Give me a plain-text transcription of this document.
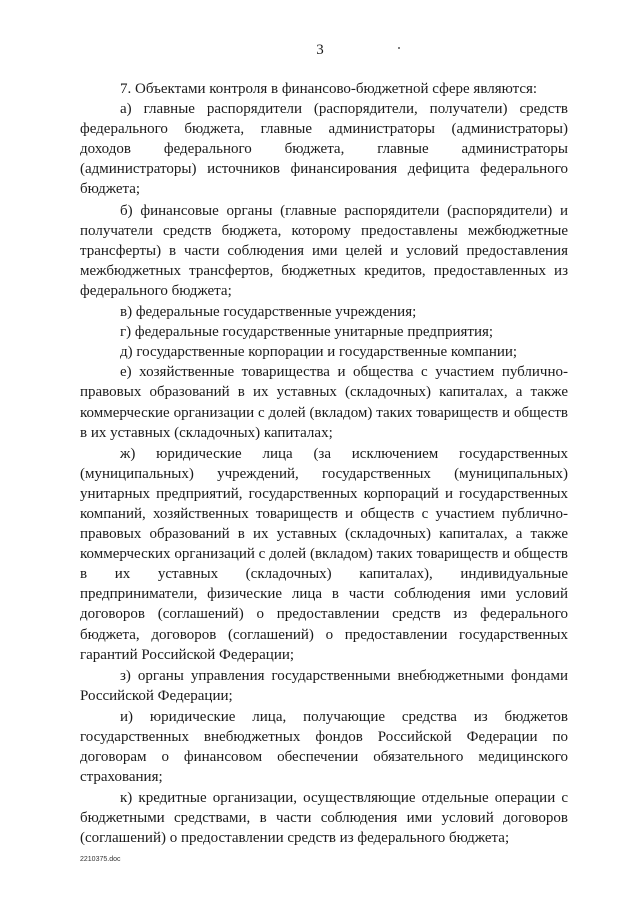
3

7. Объектами контроля в финансово-бюджетной сфере являются:

а) главные распорядители (распорядители, получатели) средств федерального бюджета, главные администраторы (администраторы) доходов федерального бюджета, главные администраторы (администраторы) источников финансирования дефицита федерального бюджета;

б) финансовые органы (главные распорядители (распорядители) и получатели средств бюджета, которому предоставлены межбюджетные трансферты) в части соблюдения ими целей и условий предоставления межбюджетных трансфертов, бюджетных кредитов, предоставленных из федерального бюджета;

в) федеральные государственные учреждения;

г) федеральные государственные унитарные предприятия;

д) государственные корпорации и государственные компании;

е) хозяйственные товарищества и общества с участием публично-правовых образований в их уставных (складочных) капиталах, а также коммерческие организации с долей (вкладом) таких товариществ и обществ в их уставных (складочных) капиталах;

ж) юридические лица (за исключением государственных (муниципальных) учреждений, государственных (муниципальных) унитарных предприятий, государственных корпораций и государственных компаний, хозяйственных товариществ и обществ с участием публично-правовых образований в их уставных (складочных) капиталах, а также коммерческих организаций с долей (вкладом) таких товариществ и обществ в их уставных (складочных) капиталах), индивидуальные предприниматели, физические лица в части соблюдения ими условий договоров (соглашений) о предоставлении средств из федерального бюджета, договоров (соглашений) о предоставлении государственных гарантий Российской Федерации;

з) органы управления государственными внебюджетными фондами Российской Федерации;

и) юридические лица, получающие средства из бюджетов государственных внебюджетных фондов Российской Федерации по договорам о финансовом обеспечении обязательного медицинского страхования;

к) кредитные организации, осуществляющие отдельные операции с бюджетными средствами, в части соблюдения ими условий договоров (соглашений) о предоставлении средств из федерального бюджета;

2210375.doc
